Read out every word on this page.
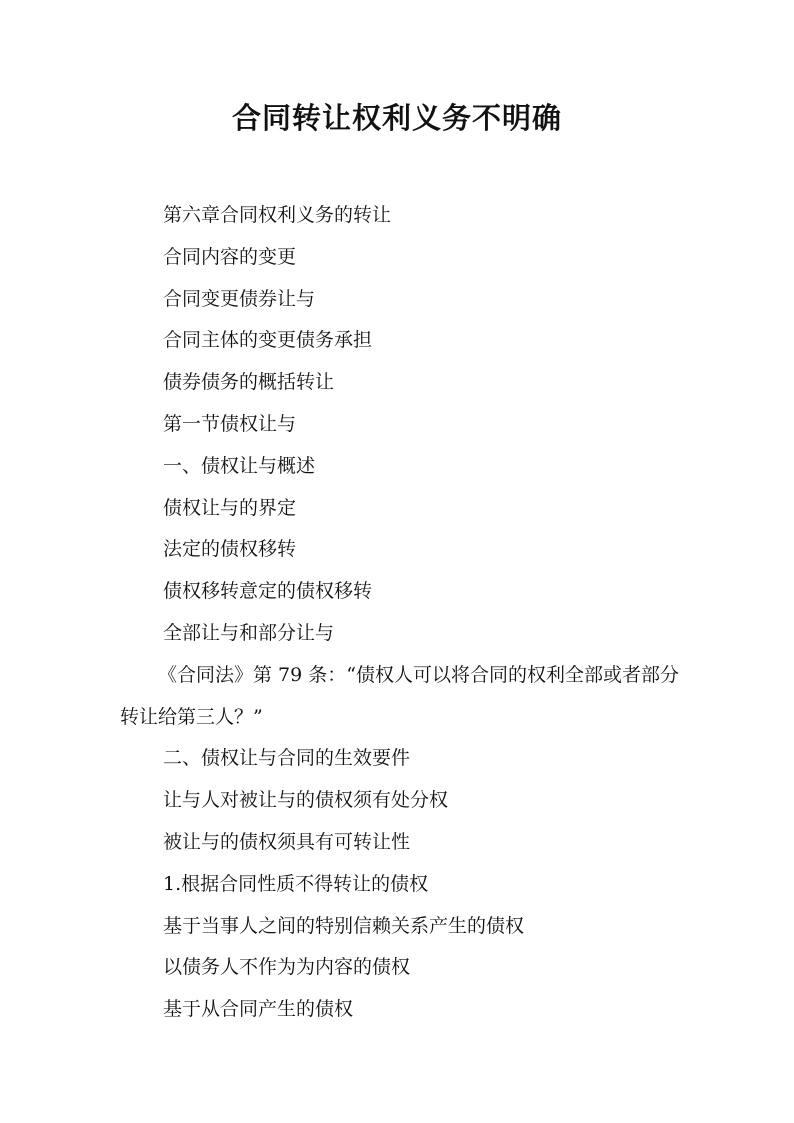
合同转让权利义务不明确

第六章合同权利义务的转让

合同内容的变更

合同变更债券让与

合同主体的变更债务承担

债券债务的概括转让

第一节债权让与

一、债权让与概述

债权让与的界定

法定的债权移转

债权移转意定的债权移转

全部让与和部分让与

《合同法》第 79 条：“债权人可以将合同的权利全部或者部分转让给第三人？”

二、债权让与合同的生效要件

让与人对被让与的债权须有处分权

被让与的债权须具有可转让性

1.根据合同性质不得转让的债权

基于当事人之间的特别信赖关系产生的债权

以债务人不作为为内容的债权

基于从合同产生的债权
